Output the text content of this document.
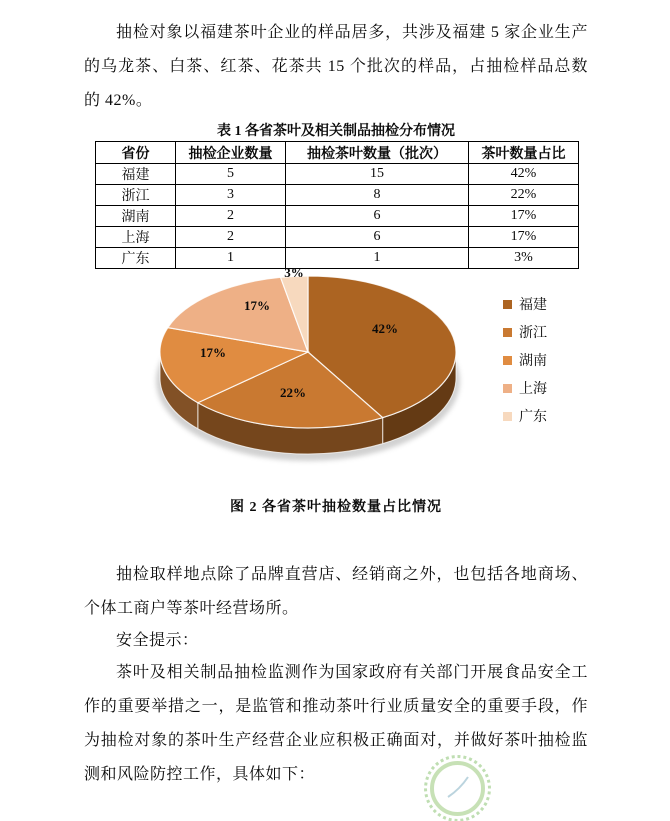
抽检对象以福建茶叶企业的样品居多，共涉及福建 5 家企业生产的乌龙茶、白茶、红茶、花茶共 15 个批次的样品，占抽检样品总数的 42%。

表 1 各省茶叶及相关制品抽检分布情况
省份	抽检企业数量	抽检茶叶数量（批次）	茶叶数量占比
福建	5	15	42%
浙江	3	8	22%
湖南	2	6	17%
上海	2	6	17%
广东	1	1	3%
42%
22%
17%
17%
3%
福建
浙江
湖南
上海
广东
图 2 各省茶叶抽检数量占比情况

抽检取样地点除了品牌直营店、经销商之外，也包括各地商场、个体工商户等茶叶经营场所。

安全提示：

茶叶及相关制品抽检监测作为国家政府有关部门开展食品安全工作的重要举措之一，是监管和推动茶叶行业质量安全的重要手段，作为抽检对象的茶叶生产经营企业应积极正确面对，并做好茶叶抽检监测和风险防控工作，具体如下：
